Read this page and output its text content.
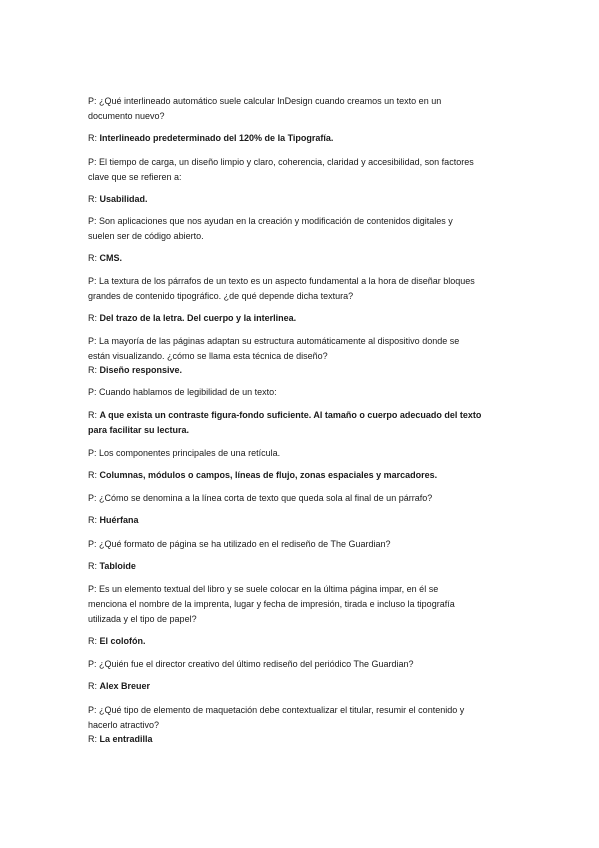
P: ¿Qué interlineado automático suele calcular InDesign cuando creamos un texto en un
documento nuevo?
R: Interlineado predeterminado del 120% de la Tipografía.
P: El tiempo de carga, un diseño limpio y claro, coherencia, claridad y accesibilidad, son factores
clave que se refieren a:
R: Usabilidad.
P: Son aplicaciones que nos ayudan en la creación y modificación de contenidos digitales y
suelen ser de código abierto.
R: CMS.
P: La textura de los párrafos de un texto es un aspecto fundamental a la hora de diseñar bloques
grandes de contenido tipográfico. ¿de qué depende dicha textura?
R: Del trazo de la letra. Del cuerpo y la interlinea.
P: La mayoría de las páginas adaptan su estructura automáticamente al dispositivo donde se
están visualizando. ¿cómo se llama esta técnica de diseño?
R: Diseño responsive.
P: Cuando hablamos de legibilidad de un texto:
R: A que exista un contraste figura-fondo suficiente. Al tamaño o cuerpo adecuado del texto
para facilitar su lectura.
P: Los componentes principales de una retícula.
R: Columnas, módulos o campos, líneas de flujo, zonas espaciales y marcadores.
P: ¿Cómo se denomina a la línea corta de texto que queda sola al final de un párrafo?
R: Huérfana
P: ¿Qué formato de página se ha utilizado en el rediseño de The Guardian?
R: Tabloide
P: Es un elemento textual del libro y se suele colocar en la última página impar, en él se
menciona el nombre de la imprenta, lugar y fecha de impresión, tirada e incluso la tipografía
utilizada y el tipo de papel?
R: El colofón.
P: ¿Quién fue el director creativo del último rediseño del periódico The Guardian?
R: Alex Breuer
P: ¿Qué tipo de elemento de maquetación debe contextualizar el titular, resumir el contenido y
hacerlo atractivo?
R: La entradilla
